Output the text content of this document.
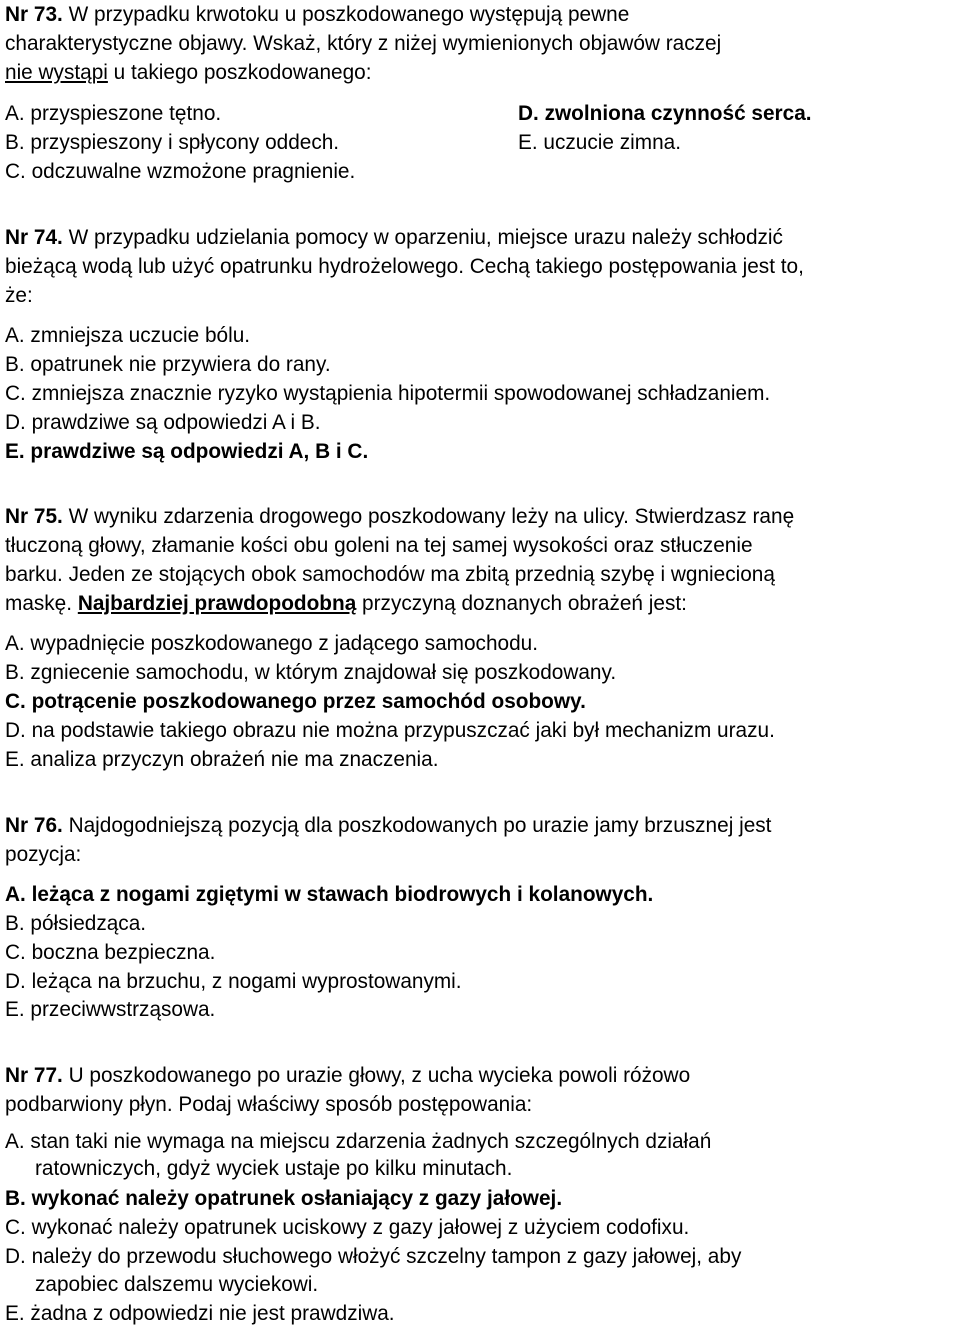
Nr 73. W przypadku krwotoku u poszkodowanego występują pewne
charakterystyczne objawy. Wskaż, który z niżej wymienionych objawów raczej
nie wystąpi u takiego poszkodowanego:
A. przyspieszone tętno.
B. przyspieszony i spłycony oddech.
C. odczuwalne wzmożone pragnienie.
D. zwolniona czynność serca.
E. uczucie zimna.
Nr 74. W przypadku udzielania pomocy w oparzeniu, miejsce urazu należy schłodzić
bieżącą wodą lub użyć opatrunku hydrożelowego. Cechą takiego postępowania jest to,
że:
A. zmniejsza uczucie bólu.
B. opatrunek nie przywiera do rany.
C. zmniejsza znacznie ryzyko wystąpienia hipotermii spowodowanej schładzaniem.
D. prawdziwe są odpowiedzi A i B.
E. prawdziwe są odpowiedzi A, B i C.
Nr 75. W wyniku zdarzenia drogowego poszkodowany leży na ulicy. Stwierdzasz ranę
tłuczoną głowy, złamanie kości obu goleni na tej samej wysokości oraz stłuczenie
barku. Jeden ze stojących obok samochodów ma zbitą przednią szybę i wgniecioną
maskę. Najbardziej prawdopodobną przyczyną doznanych obrażeń jest:
A. wypadnięcie poszkodowanego z jadącego samochodu.
B. zgniecenie samochodu, w którym znajdował się poszkodowany.
C. potrącenie poszkodowanego przez samochód osobowy.
D. na podstawie takiego obrazu nie można przypuszczać jaki był mechanizm urazu.
E. analiza przyczyn obrażeń nie ma znaczenia.
Nr 76. Najdogodniejszą pozycją dla poszkodowanych po urazie jamy brzusznej jest
pozycja:
A. leżąca z nogami zgiętymi w stawach biodrowych i kolanowych.
B. półsiedząca.
C. boczna bezpieczna.
D. leżąca na brzuchu, z nogami wyprostowanymi.
E. przeciwwstrząsowa.
Nr 77. U poszkodowanego po urazie głowy, z ucha wycieka powoli różowo
podbarwiony płyn. Podaj właściwy sposób postępowania:
A. stan taki nie wymaga na miejscu zdarzenia żadnych szczególnych działań
ratowniczych, gdyż wyciek ustaje po kilku minutach.
B. wykonać należy opatrunek osłaniający z gazy jałowej.
C. wykonać należy opatrunek uciskowy z gazy jałowej z użyciem codofixu.
D. należy do przewodu słuchowego włożyć szczelny tampon z gazy jałowej, aby
zapobiec dalszemu wyciekowi.
E. żadna z odpowiedzi nie jest prawdziwa.
